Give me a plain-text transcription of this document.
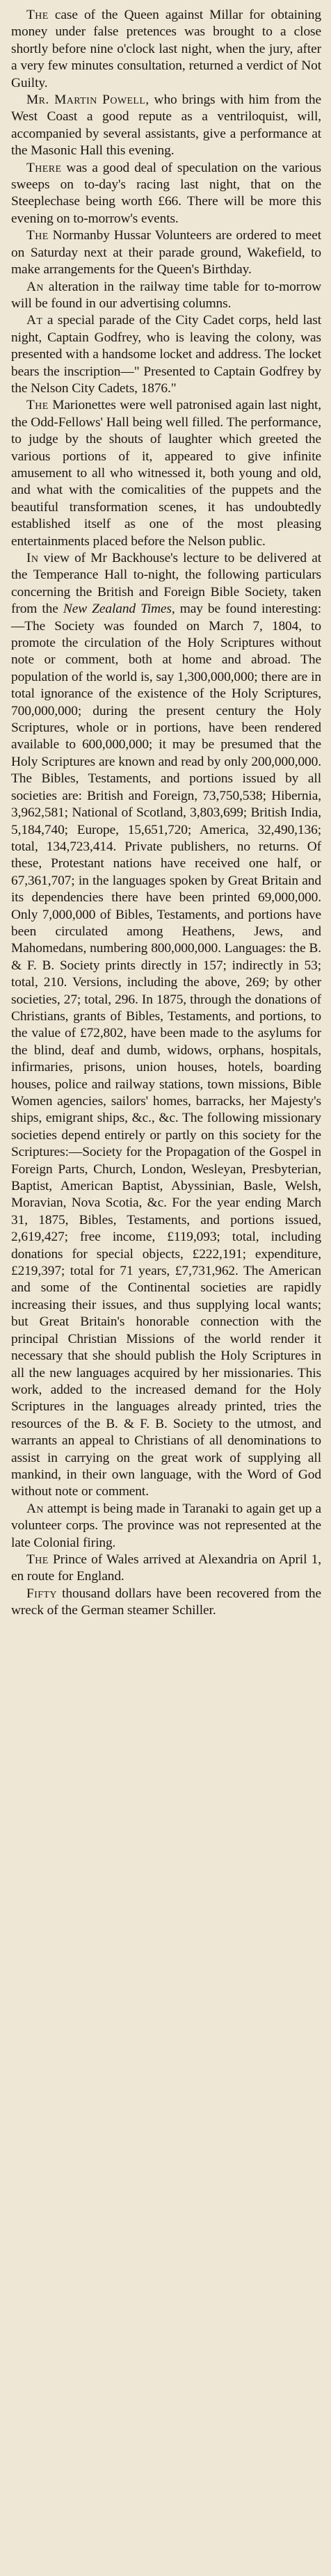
The case of the Queen against Millar for obtaining money under false pretences was brought to a close shortly before nine o'clock last night, when the jury, after a very few minutes consultation, returned a verdict of Not Guilty.

Mr. Martin Powell, who brings with him from the West Coast a good repute as a ventriloquist, will, accompanied by several assistants, give a performance at the Masonic Hall this evening.

There was a good deal of speculation on the various sweeps on to-day's racing last night, that on the Steeplechase being worth £66. There will be more this evening on to-morrow's events.

The Normanby Hussar Volunteers are ordered to meet on Saturday next at their parade ground, Wakefield, to make arrangements for the Queen's Birthday.

An alteration in the railway time table for to-morrow will be found in our advertising columns.

At a special parade of the City Cadet corps, held last night, Captain Godfrey, who is leaving the colony, was presented with a handsome locket and address. The locket bears the inscription—" Presented to Captain Godfrey by the Nelson City Cadets, 1876."

The Marionettes were well patronised again last night, the Odd-Fellows' Hall being well filled. The performance, to judge by the shouts of laughter which greeted the various portions of it, appeared to give infinite amusement to all who witnessed it, both young and old, and what with the comicalities of the puppets and the beautiful transformation scenes, it has undoubtedly established itself as one of the most pleasing entertainments placed before the Nelson public.

In view of Mr Backhouse's lecture to be delivered at the Temperance Hall to-night, the following particulars concerning the British and Foreign Bible Society, taken from the New Zealand Times, may be found interesting:—The Society was founded on March 7, 1804, to promote the circulation of the Holy Scriptures without note or comment, both at home and abroad. The population of the world is, say 1,300,000,000; there are in total ignorance of the existence of the Holy Scriptures, 700,000,000; during the present century the Holy Scriptures, whole or in portions, have been rendered available to 600,000,000; it may be presumed that the Holy Scriptures are known and read by only 200,000,000. The Bibles, Testaments, and portions issued by all societies are: British and Foreign, 73,750,538; Hibernia, 3,962,581; National of Scotland, 3,803,699; British India, 5,184,740; Europe, 15,651,720; America, 32,490,136; total, 134,723,414. Private publishers, no returns. Of these, Protestant nations have received one half, or 67,361,707; in the languages spoken by Great Britain and its dependencies there have been printed 69,000,000. Only 7,000,000 of Bibles, Testaments, and portions have been circulated among Heathens, Jews, and Mahomedans, numbering 800,000,000. Languages: the B. & F. B. Society prints directly in 157; indirectly in 53; total, 210. Versions, including the above, 269; by other societies, 27; total, 296. In 1875, through the donations of Christians, grants of Bibles, Testaments, and portions, to the value of £72,802, have been made to the asylums for the blind, deaf and dumb, widows, orphans, hospitals, infirmaries, prisons, union houses, hotels, boarding houses, police and railway stations, town missions, Bible Women agencies, sailors' homes, barracks, her Majesty's ships, emigrant ships, &c., &c. The following missionary societies depend entirely or partly on this society for the Scriptures:—Society for the Propagation of the Gospel in Foreign Parts, Church, London, Wesleyan, Presbyterian, Baptist, American Baptist, Abyssinian, Basle, Welsh, Moravian, Nova Scotia, &c. For the year ending March 31, 1875, Bibles, Testaments, and portions issued, 2,619,427; free income, £119,093; total, including donations for special objects, £222,191; expenditure, £219,397; total for 71 years, £7,731,962. The American and some of the Continental societies are rapidly increasing their issues, and thus supplying local wants; but Great Britain's honorable connection with the principal Christian Missions of the world render it necessary that she should publish the Holy Scriptures in all the new languages acquired by her missionaries. This work, added to the increased demand for the Holy Scriptures in the languages already printed, tries the resources of the B. & F. B. Society to the utmost, and warrants an appeal to Christians of all denominations to assist in carrying on the great work of supplying all mankind, in their own language, with the Word of God without note or comment.

An attempt is being made in Taranaki to again get up a volunteer corps. The province was not represented at the late Colonial firing.

The Prince of Wales arrived at Alexandria on April 1, en route for England.

Fifty thousand dollars have been recovered from the wreck of the German steamer Schiller.
